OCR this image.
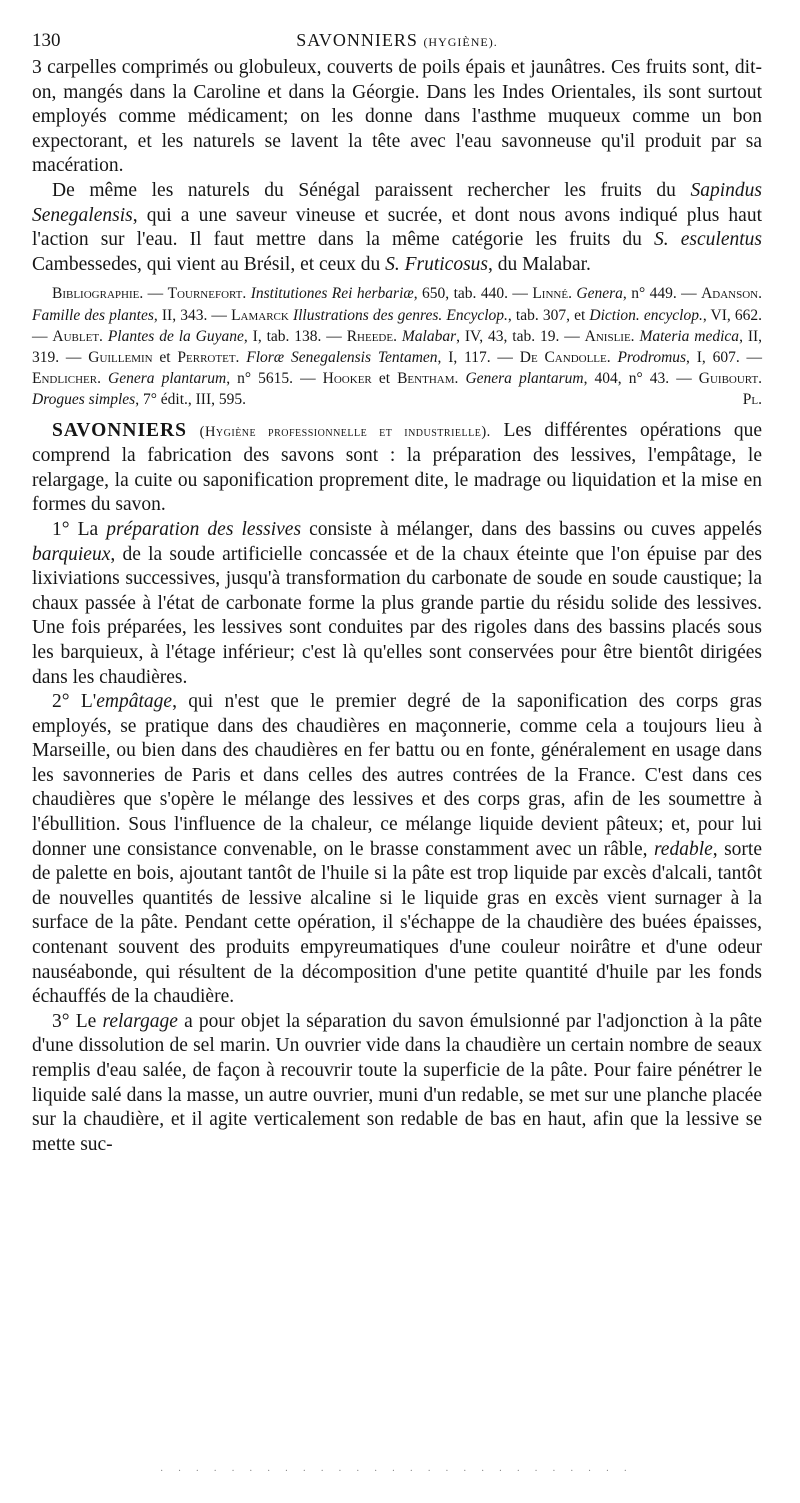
130	SAVONNIERS (HYGIÈNE).

3 carpelles comprimés ou globuleux, couverts de poils épais et jaunâtres. Ces fruits sont, dit-on, mangés dans la Caroline et dans la Géorgie. Dans les Indes Orientales, ils sont surtout employés comme médicament; on les donne dans l'asthme muqueux comme un bon expectorant, et les naturels se lavent la tête avec l'eau savonneuse qu'il produit par sa macération.

De même les naturels du Sénégal paraissent rechercher les fruits du Sapindus Senegalensis, qui a une saveur vineuse et sucrée, et dont nous avons indiqué plus haut l'action sur l'eau. Il faut mettre dans la même catégorie les fruits du S. esculentus Cambessedes, qui vient au Brésil, et ceux du S. Fruticosus, du Malabar.

Bibliographie. — Tournefort. Institutiones Rei herbariæ, 650, tab. 440. — Linné. Genera, n° 449. — Adanson. Famille des plantes, II, 343. — Lamarck Illustrations des genres. Encyclop., tab. 307, et Diction. encyclop., VI, 662. — Aublet. Plantes de la Guyane, I, tab. 138. — Rheede. Malabar, IV, 43, tab. 19. — Anislie. Materia medica, II, 319. — Guillemin et Perrotet. Floræ Senegalensis Tentamen, I, 117. — De Candolle. Prodromus, I, 607. — Endlicher. Genera plantarum, n° 5615. — Hooker et Bentham. Genera plantarum, 404, n° 43. — Guibourt. Drogues simples, 7° édit., III, 595.	Pl.

SAVONNIERS (Hygiène professionnelle et industrielle). Les différentes opérations que comprend la fabrication des savons sont : la préparation des lessives, l'empâtage, le relargage, la cuite ou saponification proprement dite, le madrage ou liquidation et la mise en formes du savon.

1° La préparation des lessives consiste à mélanger, dans des bassins ou cuves appelés barquieux, de la soude artificielle concassée et de la chaux éteinte que l'on épuise par des lixiviations successives, jusqu'à transformation du carbonate de soude en soude caustique; la chaux passée à l'état de carbonate forme la plus grande partie du résidu solide des lessives. Une fois préparées, les lessives sont conduites par des rigoles dans des bassins placés sous les barquieux, à l'étage inférieur; c'est là qu'elles sont conservées pour être bientôt dirigées dans les chaudières.

2° L'empâtage, qui n'est que le premier degré de la saponification des corps gras employés, se pratique dans des chaudières en maçonnerie, comme cela a toujours lieu à Marseille, ou bien dans des chaudières en fer battu ou en fonte, généralement en usage dans les savonneries de Paris et dans celles des autres contrées de la France. C'est dans ces chaudières que s'opère le mélange des lessives et des corps gras, afin de les soumettre à l'ébullition. Sous l'influence de la chaleur, ce mélange liquide devient pâteux; et, pour lui donner une consistance convenable, on le brasse constamment avec un râble, redable, sorte de palette en bois, ajoutant tantôt de l'huile si la pâte est trop liquide par excès d'alcali, tantôt de nouvelles quantités de lessive alcaline si le liquide gras en excès vient surnager à la surface de la pâte. Pendant cette opération, il s'échappe de la chaudière des buées épaisses, contenant souvent des produits empyreumatiques d'une couleur noirâtre et d'une odeur nauséabonde, qui résultent de la décomposition d'une petite quantité d'huile par les fonds échauffés de la chaudière.

3° Le relargage a pour objet la séparation du savon émulsionné par l'adjonction à la pâte d'une dissolution de sel marin. Un ouvrier vide dans la chaudière un certain nombre de seaux remplis d'eau salée, de façon à recouvrir toute la superficie de la pâte. Pour faire pénétrer le liquide salé dans la masse, un autre ouvrier, muni d'un redable, se met sur une planche placée sur la chaudière, et il agite verticalement son redable de bas en haut, afin que la lessive se mette suc-

· · · · · · · · · · · · · · · · · · · · · · · · · · ·
